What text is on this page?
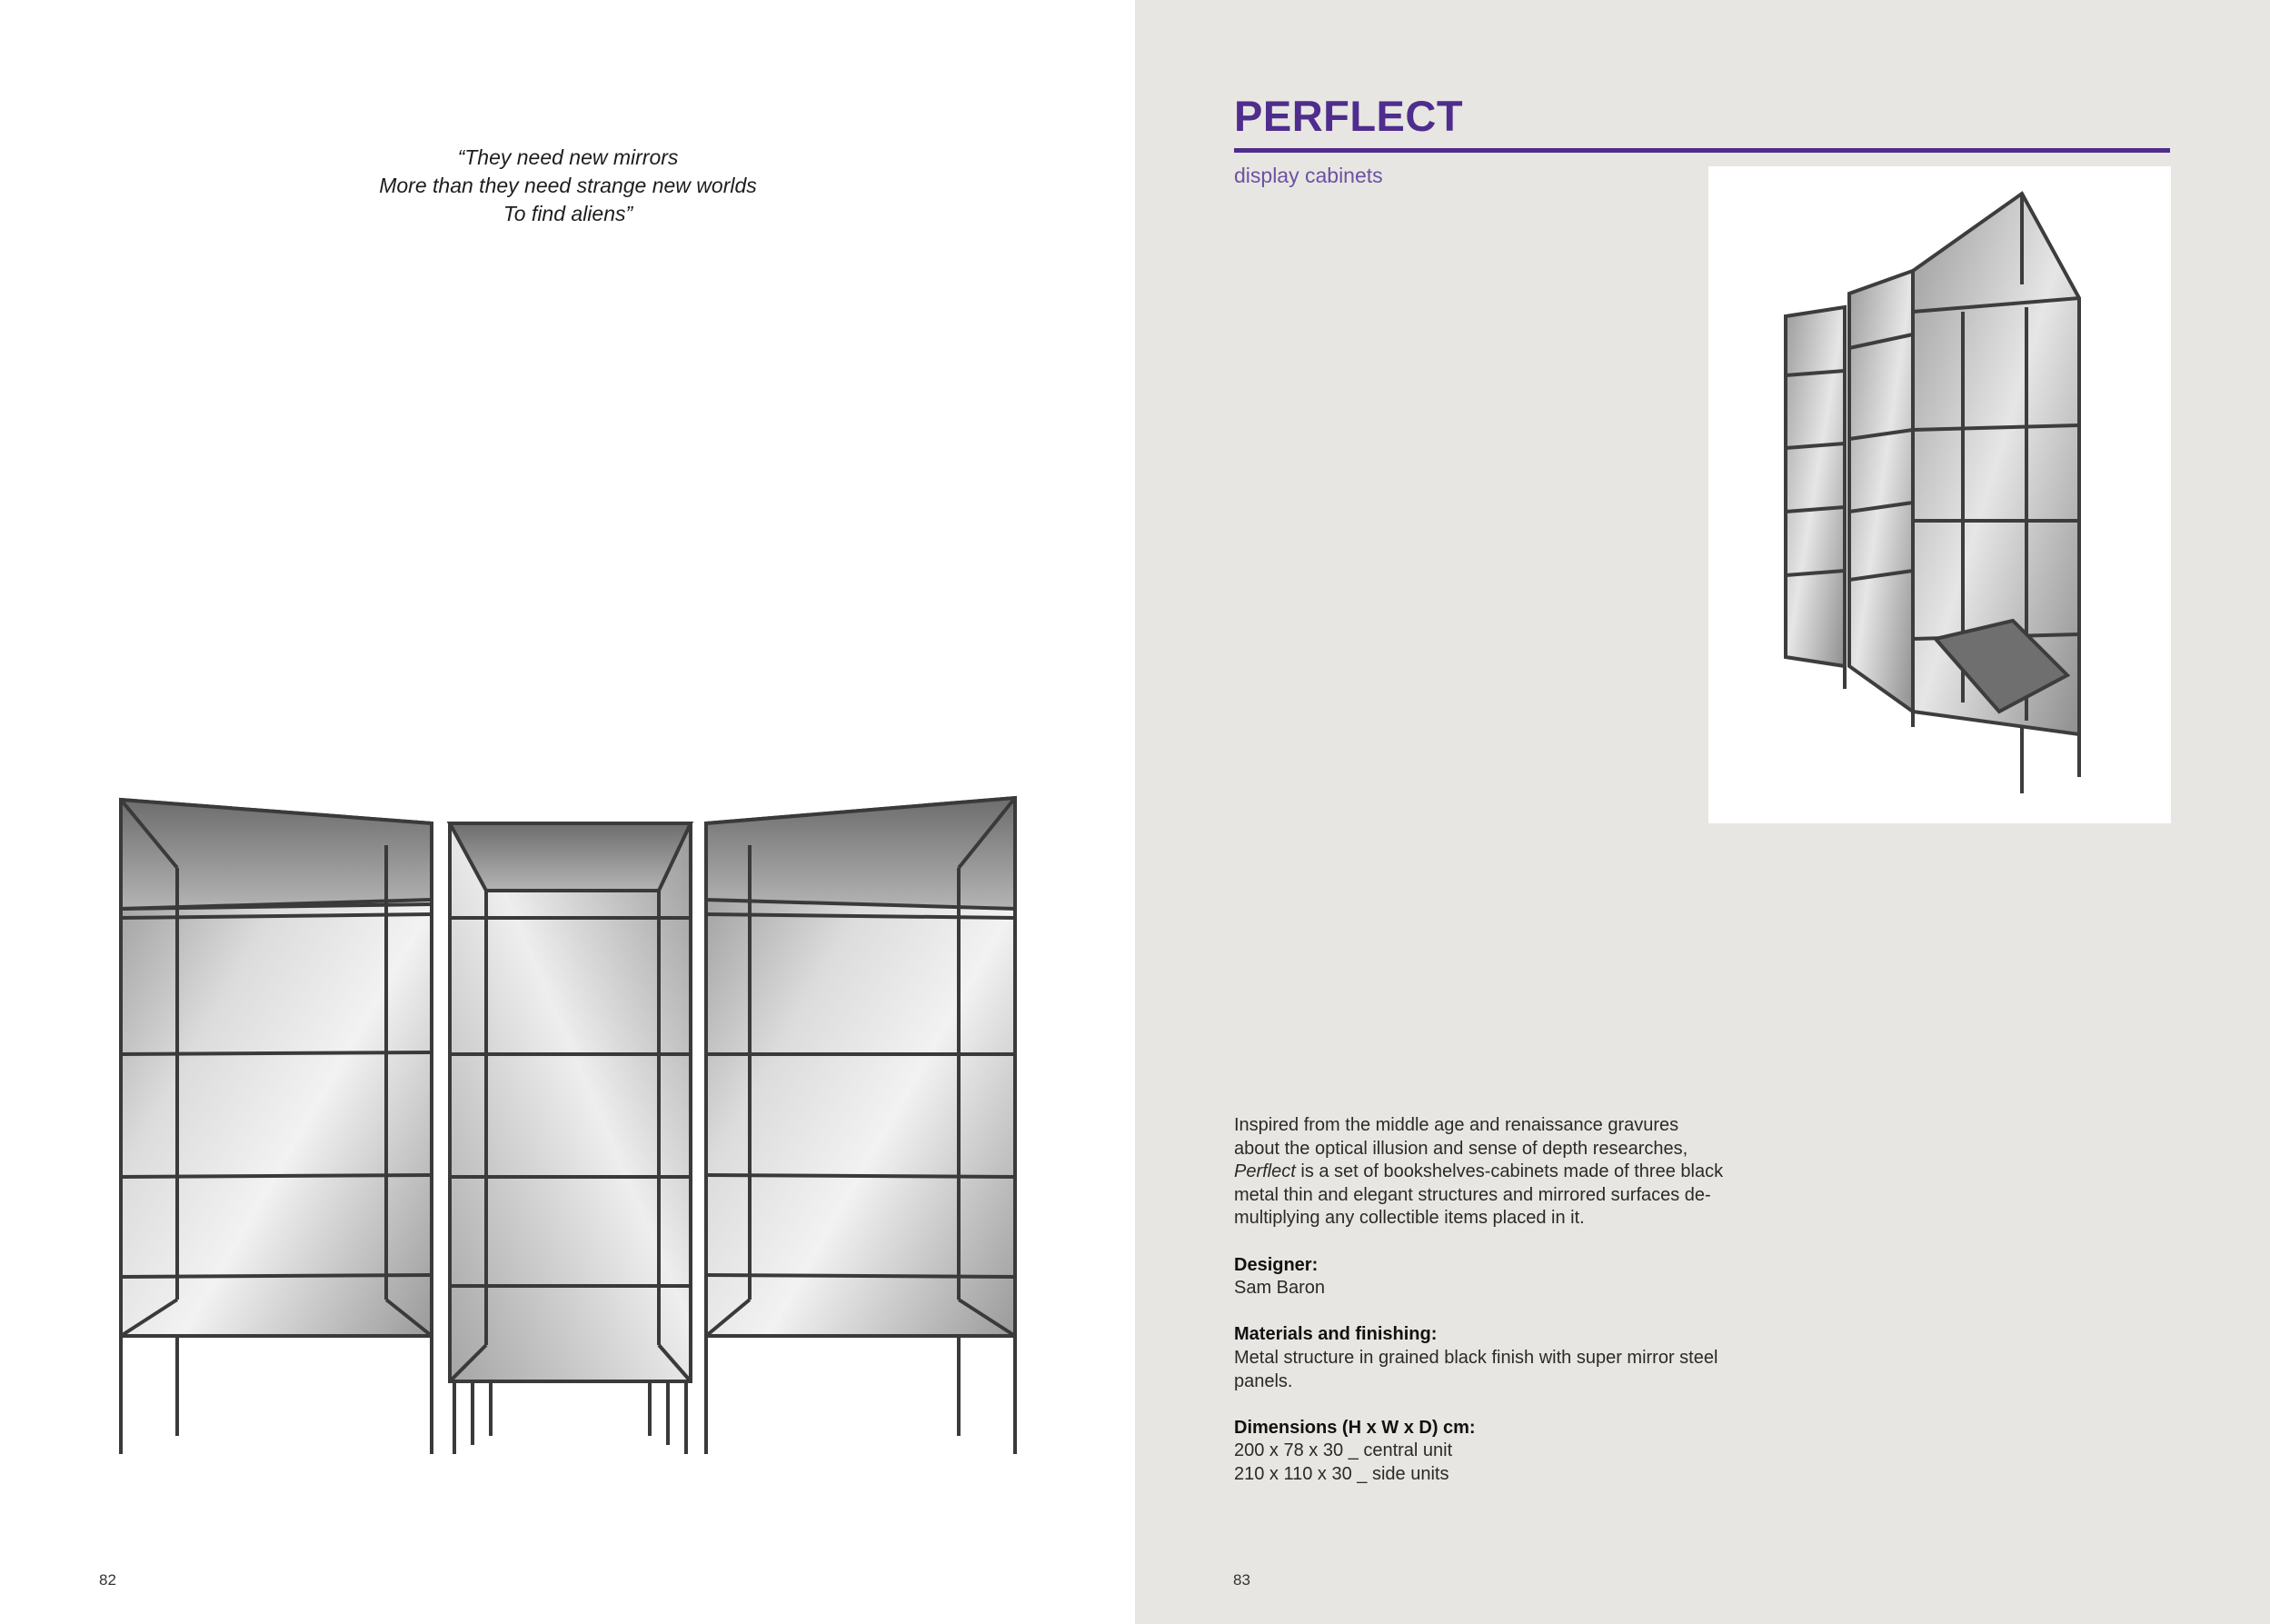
“They need new mirrors
More than they need strange new worlds
To find aliens”
82
PERFLECT
display cabinets

Inspired from the middle age and renaissance gravures about the optical illusion and sense of depth researches, Perflect is a set of bookshelves-cabinets made of three black metal thin and elegant structures and mirrored surfaces de-multiplying any collectible items placed in it.

Designer:
Sam Baron
Materials and finishing:
Metal structure in grained black finish with super mirror steel panels.
Dimensions (H x W x D) cm:
200 x 78 x 30 _ central unit
210 x 110 x 30 _ side units
83
